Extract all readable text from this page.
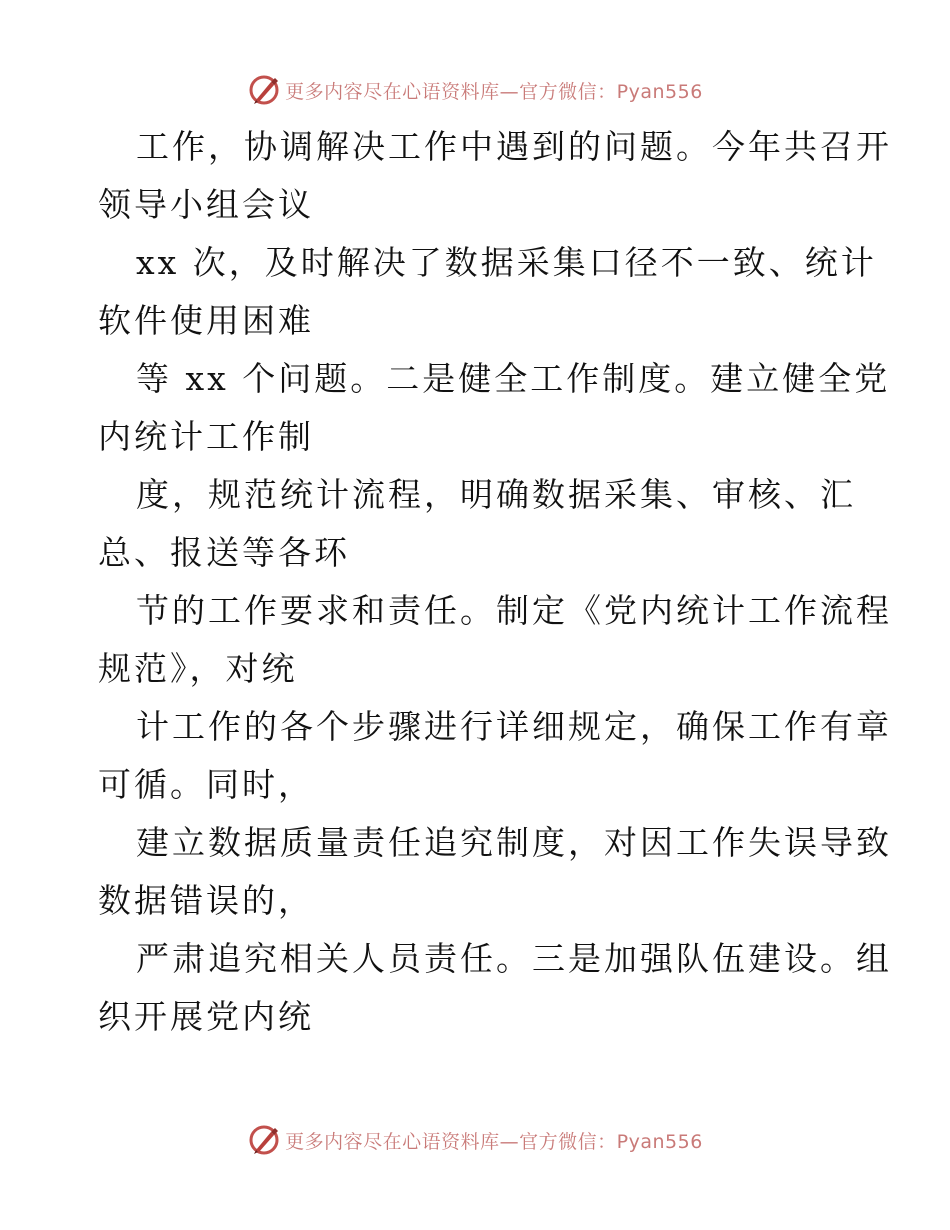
更多内容尽在心语资料库—官方微信：Pyan556
工作，协调解决工作中遇到的问题。今年共召开
领导小组会议
xx 次，及时解决了数据采集口径不一致、统计
软件使用困难
等 xx 个问题。二是健全工作制度。建立健全党
内统计工作制
度，规范统计流程，明确数据采集、审核、汇
总、报送等各环
节的工作要求和责任。制定《党内统计工作流程
规范》，对统
计工作的各个步骤进行详细规定，确保工作有章
可循。同时，
建立数据质量责任追究制度，对因工作失误导致
数据错误的，
严肃追究相关人员责任。三是加强队伍建设。组
织开展党内统
更多内容尽在心语资料库—官方微信：Pyan556
